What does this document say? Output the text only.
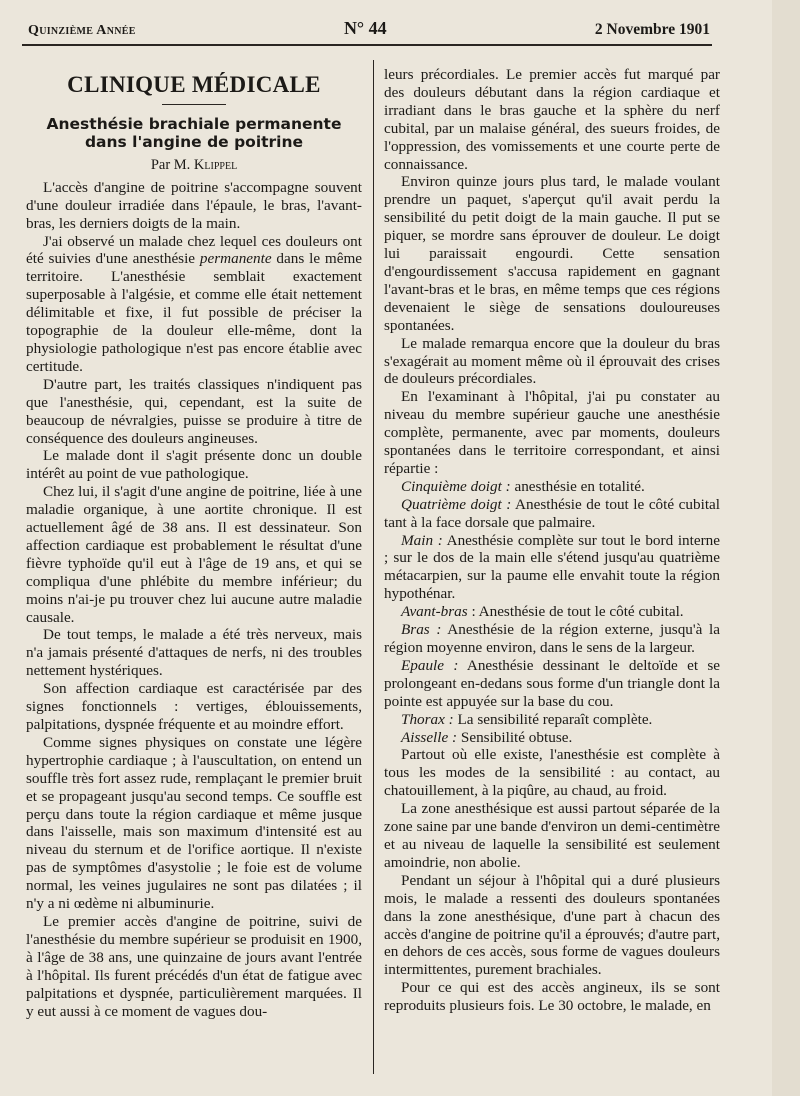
Quinzième Année	N° 44	2 Novembre 1901
CLINIQUE MÉDICALE
Anesthésie brachiale permanente
dans l'angine de poitrine
Par M. Klippel

L'accès d'angine de poitrine s'accompagne souvent d'une douleur irradiée dans l'épaule, le bras, l'avant-bras, les derniers doigts de la main.

J'ai observé un malade chez lequel ces douleurs ont été suivies d'une anesthésie permanente dans le même territoire. L'anesthésie semblait exactement superposable à l'algésie, et comme elle était nettement délimitable et fixe, il fut possible de préciser la topographie de la douleur elle-même, dont la physiologie pathologique n'est pas encore établie avec certitude.

D'autre part, les traités classiques n'indiquent pas que l'anesthésie, qui, cependant, est la suite de beaucoup de névralgies, puisse se produire à titre de conséquence des douleurs angineuses.

Le malade dont il s'agit présente donc un double intérêt au point de vue pathologique.

Chez lui, il s'agit d'une angine de poitrine, liée à une maladie organique, à une aortite chronique. Il est actuellement âgé de 38 ans. Il est dessinateur. Son affection cardiaque est probablement le résultat d'une fièvre typhoïde qu'il eut à l'âge de 19 ans, et qui se compliqua d'une phlébite du membre inférieur; du moins n'ai-je pu trouver chez lui aucune autre maladie causale.

De tout temps, le malade a été très nerveux, mais n'a jamais présenté d'attaques de nerfs, ni des troubles nettement hystériques.

Son affection cardiaque est caractérisée par des signes fonctionnels : vertiges, éblouissements, palpitations, dyspnée fréquente et au moindre effort.

Comme signes physiques on constate une légère hypertrophie cardiaque ; à l'auscultation, on entend un souffle très fort assez rude, remplaçant le premier bruit et se propageant jusqu'au second temps. Ce souffle est perçu dans toute la région cardiaque et même jusque dans l'aisselle, mais son maximum d'intensité est au niveau du sternum et de l'orifice aortique. Il n'existe pas de symptômes d'asystolie ; le foie est de volume normal, les veines jugulaires ne sont pas dilatées ; il n'y a ni œdème ni albuminurie.

Le premier accès d'angine de poitrine, suivi de l'anesthésie du membre supérieur se produisit en 1900, à l'âge de 38 ans, une quinzaine de jours avant l'entrée à l'hôpital. Ils furent précédés d'un état de fatigue avec palpitations et dyspnée, particulièrement marquées. Il y eut aussi à ce moment de vagues dou-

leurs précordiales. Le premier accès fut marqué par des douleurs débutant dans la région cardiaque et irradiant dans le bras gauche et la sphère du nerf cubital, par un malaise général, des sueurs froides, de l'oppression, des vomissements et une courte perte de connaissance.

Environ quinze jours plus tard, le malade voulant prendre un paquet, s'aperçut qu'il avait perdu la sensibilité du petit doigt de la main gauche. Il put se piquer, se mordre sans éprouver de douleur. Le doigt lui paraissait engourdi. Cette sensation d'engourdissement s'accusa rapidement en gagnant l'avant-bras et le bras, en même temps que ces régions devenaient le siège de sensations douloureuses spontanées.

Le malade remarqua encore que la douleur du bras s'exagérait au moment même où il éprouvait des crises de douleurs précordiales.

En l'examinant à l'hôpital, j'ai pu constater au niveau du membre supérieur gauche une anesthésie complète, permanente, avec par moments, douleurs spontanées dans le territoire correspondant, et ainsi répartie :

Cinquième doigt : anesthésie en totalité.

Quatrième doigt : Anesthésie de tout le côté cubital tant à la face dorsale que palmaire.

Main : Anesthésie complète sur tout le bord interne ; sur le dos de la main elle s'étend jusqu'au quatrième métacarpien, sur la paume elle envahit toute la région hypothénar.

Avant-bras : Anesthésie de tout le côté cubital.

Bras : Anesthésie de la région externe, jusqu'à la région moyenne environ, dans le sens de la largeur.

Epaule : Anesthésie dessinant le deltoïde et se prolongeant en-dedans sous forme d'un triangle dont la pointe est appuyée sur la base du cou.

Thorax : La sensibilité reparaît complète.

Aisselle : Sensibilité obtuse.

Partout où elle existe, l'anesthésie est complète à tous les modes de la sensibilité : au contact, au chatouillement, à la piqûre, au chaud, au froid.

La zone anesthésique est aussi partout séparée de la zone saine par une bande d'environ un demi-centimètre et au niveau de laquelle la sensibilité est seulement amoindrie, non abolie.

Pendant un séjour à l'hôpital qui a duré plusieurs mois, le malade a ressenti des douleurs spontanées dans la zone anesthésique, d'une part à chacun des accès d'angine de poitrine qu'il a éprouvés; d'autre part, en dehors de ces accès, sous forme de vagues douleurs intermittentes, purement brachiales.

Pour ce qui est des accès angineux, ils se sont reproduits plusieurs fois. Le 30 octobre, le malade, en
